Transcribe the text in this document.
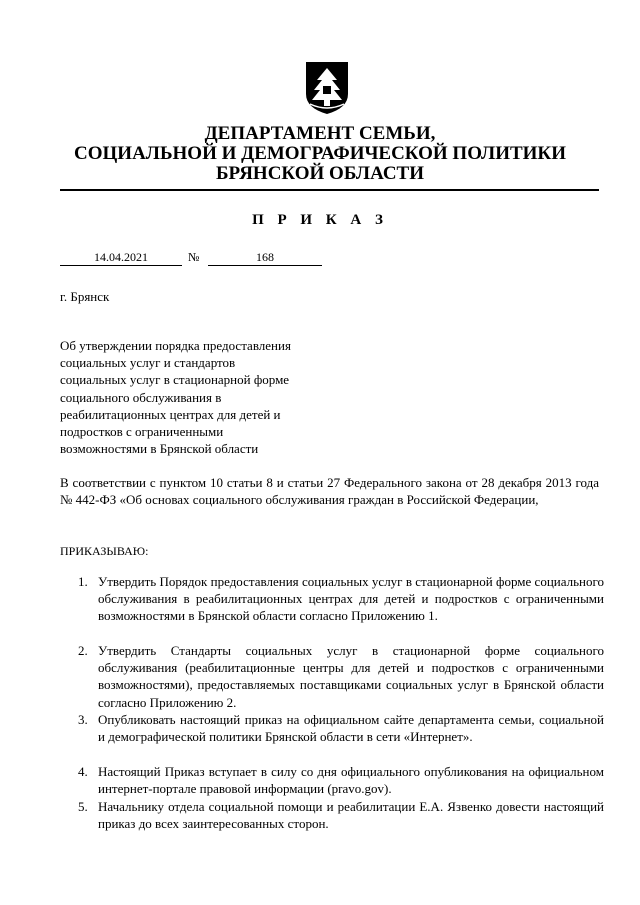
ДЕПАРТАМЕНТ СЕМЬИ,
СОЦИАЛЬНОЙ И ДЕМОГРАФИЧЕСКОЙ ПОЛИТИКИ
БРЯНСКОЙ ОБЛАСТИ
П Р И К А З
14.04.2021	№	168
г. Брянск
Об утверждении порядка предоставления
социальных услуг и стандартов
социальных услуг в стационарной форме
социального обслуживания в
реабилитационных центрах для детей и
подростков с ограниченными
возможностями в Брянской области
В соответствии с пунктом 10 статьи 8 и статьи 27 Федерального закона от 28 декабря 2013 года № 442-ФЗ «Об основах социального обслуживания граждан в Российской Федерации,
ПРИКАЗЫВАЮ:
1. Утвердить Порядок предоставления социальных услуг в стационарной форме социального обслуживания в реабилитационных центрах для детей и подростков с ограниченными возможностями в Брянской области согласно Приложению 1.
2. Утвердить Стандарты социальных услуг в стационарной форме социального обслуживания (реабилитационные центры для детей и подростков с ограниченными возможностями), предоставляемых поставщиками социальных услуг в Брянской области согласно Приложению 2.
3. Опубликовать настоящий приказ на официальном сайте департамента семьи, социальной и демографической политики Брянской области в сети «Интернет».
4. Настоящий Приказ вступает в силу со дня официального опубликования на официальном интернет-портале правовой информации (pravo.gov).
5. Начальнику отдела социальной помощи и реабилитации Е.А. Язвенко довести настоящий приказ до всех заинтересованных сторон.
